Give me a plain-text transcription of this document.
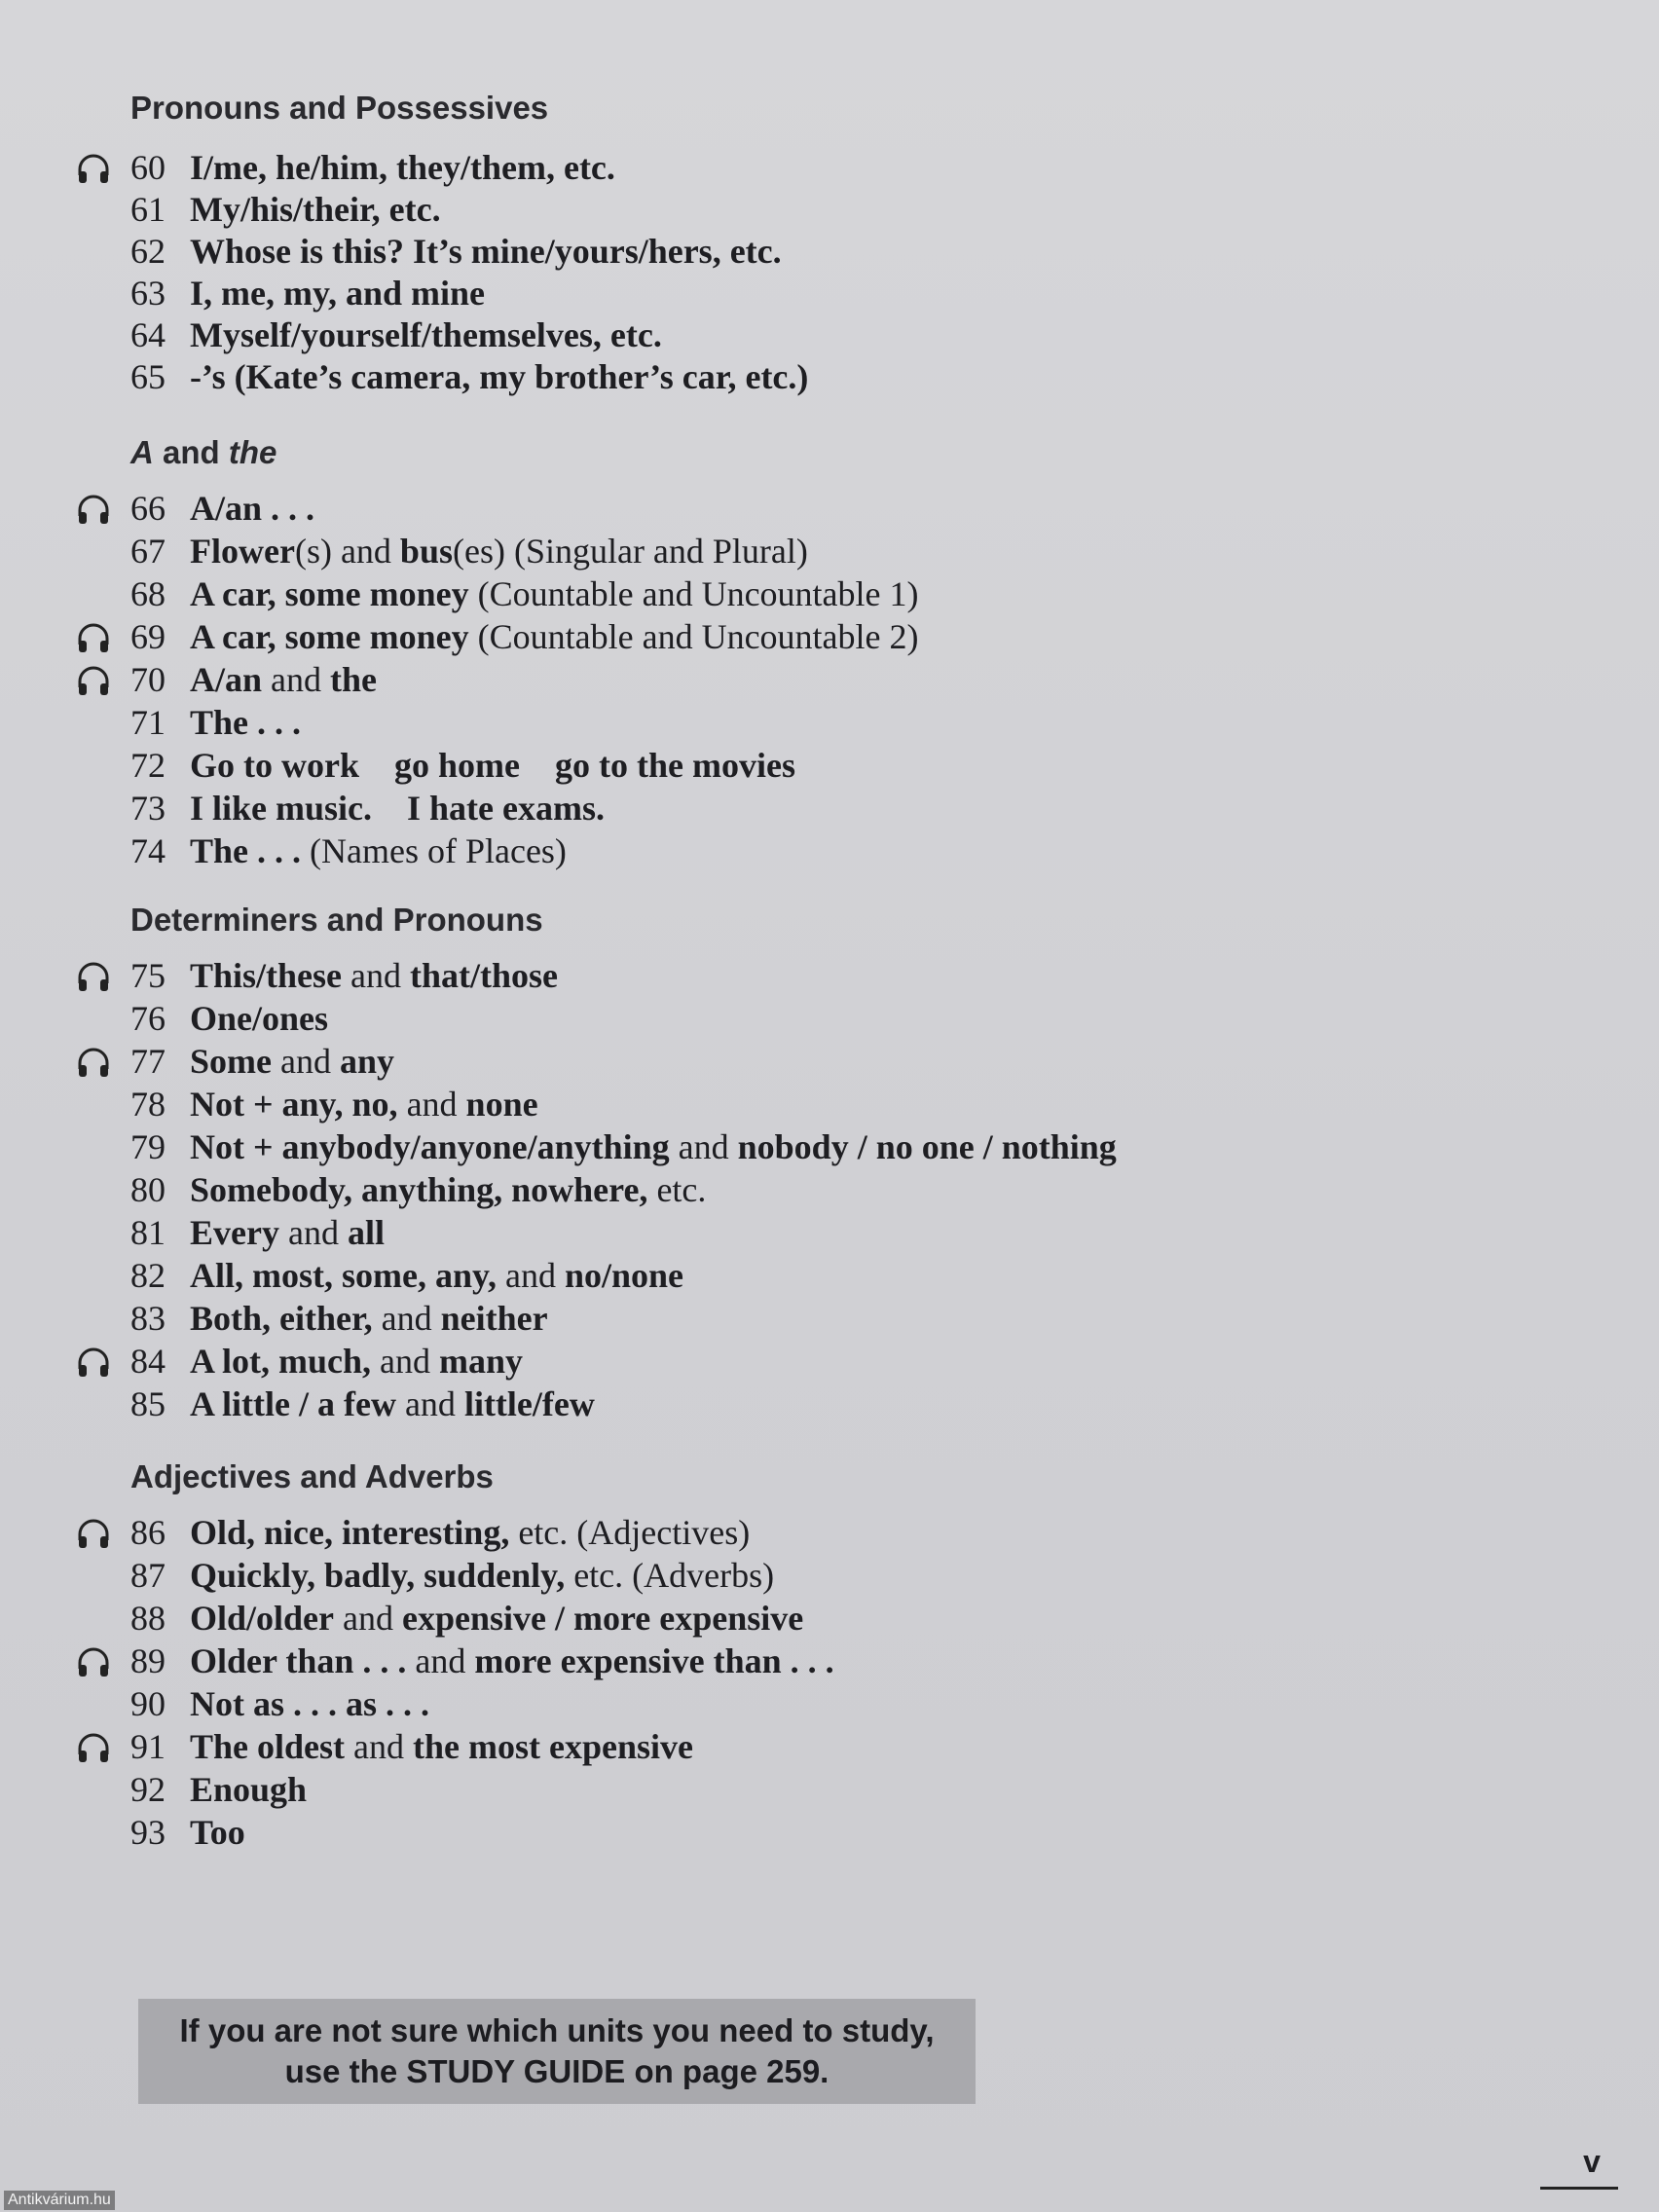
Pronouns and Possessives
60 I/me, he/him, they/them, etc.
61 My/his/their, etc.
62 Whose is this? It’s mine/yours/hers, etc.
63 I, me, my, and mine
64 Myself/yourself/themselves, etc.
65 -’s (Kate’s camera, my brother’s car, etc.)
A and the
66 A/an . . .
67 Flower(s) and bus(es) (Singular and Plural)
68 A car, some money (Countable and Uncountable 1)
69 A car, some money (Countable and Uncountable 2)
70 A/an and the
71 The . . .
72 Go to work go home go to the movies
73 I like music. I hate exams.
74 The . . . (Names of Places)
Determiners and Pronouns
75 This/these and that/those
76 One/ones
77 Some and any
78 Not + any, no, and none
79 Not + anybody/anyone/anything and nobody / no one / nothing
80 Somebody, anything, nowhere, etc.
81 Every and all
82 All, most, some, any, and no/none
83 Both, either, and neither
84 A lot, much, and many
85 A little / a few and little/few
Adjectives and Adverbs
86 Old, nice, interesting, etc. (Adjectives)
87 Quickly, badly, suddenly, etc. (Adverbs)
88 Old/older and expensive / more expensive
89 Older than . . . and more expensive than . . .
90 Not as . . . as . . .
91 The oldest and the most expensive
92 Enough
93 Too
If you are not sure which units you need to study,
use the STUDY GUIDE on page 259.
v
Antikvárium.hu
